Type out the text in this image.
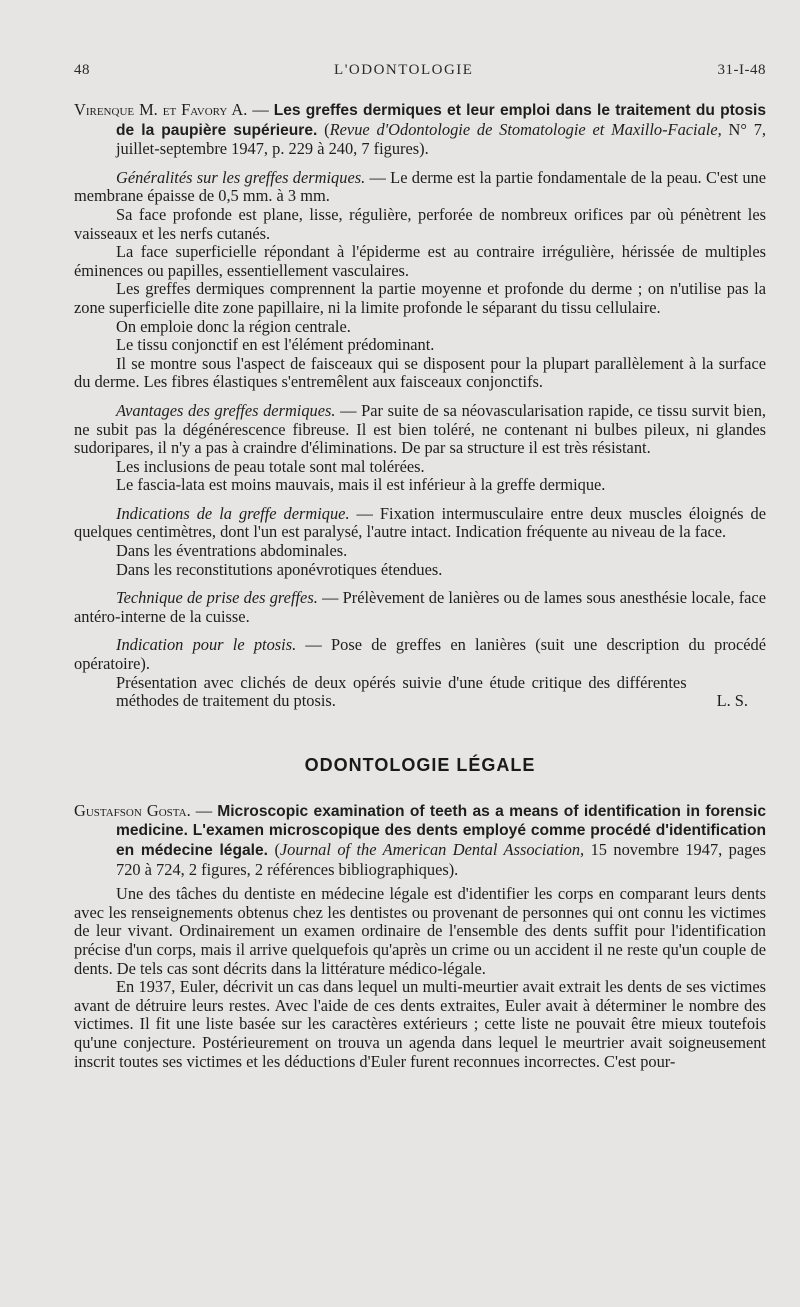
48	L'ODONTOLOGIE	31-I-48
Virenque M. et Favory A. — Les greffes dermiques et leur emploi dans le traitement du ptosis de la paupière supérieure. (Revue d'Odontologie de Stomatologie et Maxillo-Faciale, N° 7, juillet-septembre 1947, p. 229 à 240, 7 figures).

Généralités sur les greffes dermiques. — Le derme est la partie fondamentale de la peau. C'est une membrane épaisse de 0,5 mm. à 3 mm.

Sa face profonde est plane, lisse, régulière, perforée de nombreux orifices par où pénètrent les vaisseaux et les nerfs cutanés.

La face superficielle répondant à l'épiderme est au contraire irrégulière, hérissée de multiples éminences ou papilles, essentiellement vasculaires.

Les greffes dermiques comprennent la partie moyenne et profonde du derme ; on n'utilise pas la zone superficielle dite zone papillaire, ni la limite profonde le séparant du tissu cellulaire.

On emploie donc la région centrale.

Le tissu conjonctif en est l'élément prédominant.

Il se montre sous l'aspect de faisceaux qui se disposent pour la plupart parallèlement à la surface du derme. Les fibres élastiques s'entremêlent aux faisceaux conjonctifs.

Avantages des greffes dermiques. — Par suite de sa néovascularisation rapide, ce tissu survit bien, ne subit pas la dégénérescence fibreuse. Il est bien toléré, ne contenant ni bulbes pileux, ni glandes sudoripares, il n'y a pas à craindre d'éliminations. De par sa structure il est très résistant.

Les inclusions de peau totale sont mal tolérées.

Le fascia-lata est moins mauvais, mais il est inférieur à la greffe dermique.

Indications de la greffe dermique. — Fixation intermusculaire entre deux muscles éloignés de quelques centimètres, dont l'un est paralysé, l'autre intact. Indication fréquente au niveau de la face.

Dans les éventrations abdominales.

Dans les reconstitutions aponévrotiques étendues.

Technique de prise des greffes. — Prélèvement de lanières ou de lames sous anesthésie locale, face antéro-interne de la cuisse.

Indication pour le ptosis. — Pose de greffes en lanières (suit une description du procédé opératoire).

Présentation avec clichés de deux opérés suivie d'une étude critique des différentes méthodes de traitement du ptosis.	L. S.

ODONTOLOGIE LÉGALE
Gustafson Gosta. — Microscopic examination of teeth as a means of identification in forensic medicine. L'examen microscopique des dents employé comme procédé d'identification en médecine légale. (Journal of the American Dental Association, 15 novembre 1947, pages 720 à 724, 2 figures, 2 références bibliographiques).

Une des tâches du dentiste en médecine légale est d'identifier les corps en comparant leurs dents avec les renseignements obtenus chez les dentistes ou provenant de personnes qui ont connu les victimes de leur vivant. Ordinairement un examen ordinaire de l'ensemble des dents suffit pour l'identification précise d'un corps, mais il arrive quelquefois qu'après un crime ou un accident il ne reste qu'un couple de dents. De tels cas sont décrits dans la littérature médico-légale.

En 1937, Euler, décrivit un cas dans lequel un multi-meurtier avait extrait les dents de ses victimes avant de détruire leurs restes. Avec l'aide de ces dents extraites, Euler avait à déterminer le nombre des victimes. Il fit une liste basée sur les caractères extérieurs ; cette liste ne pouvait être mieux toutefois qu'une conjecture. Postérieurement on trouva un agenda dans lequel le meurtrier avait soigneusement inscrit toutes ses victimes et les déductions d'Euler furent reconnues incorrectes. C'est pour-
